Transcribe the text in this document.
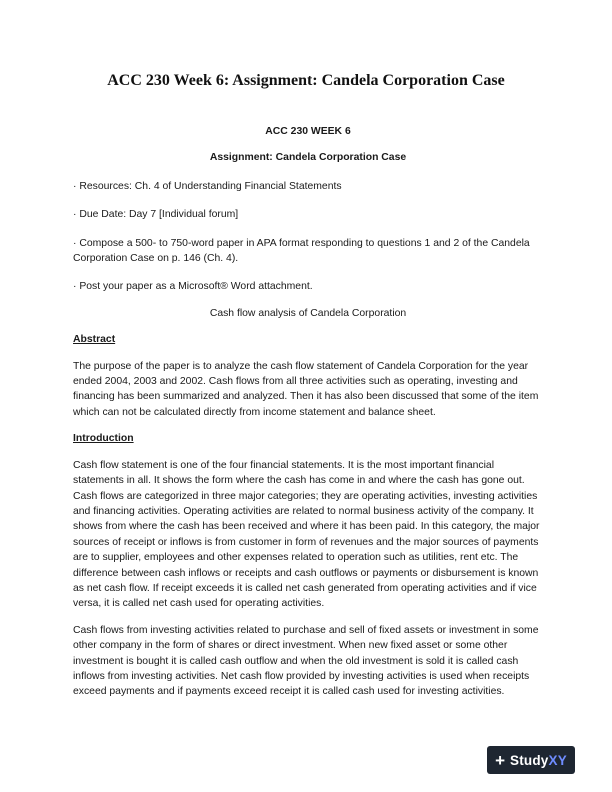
ACC 230 Week 6: Assignment: Candela Corporation Case

ACC 230 WEEK 6

Assignment: Candela Corporation Case

· Resources: Ch. 4 of Understanding Financial Statements

· Due Date: Day 7 [Individual forum]

· Compose a 500- to 750-word paper in APA format responding to questions 1 and 2 of the Candela Corporation Case on p. 146 (Ch. 4).

· Post your paper as a Microsoft® Word attachment.

Cash flow analysis of Candela Corporation

Abstract

The purpose of the paper is to analyze the cash flow statement of Candela Corporation for the year ended 2004, 2003 and 2002. Cash flows from all three activities such as operating, investing and financing has been summarized and analyzed. Then it has also been discussed that some of the item which can not be calculated directly from income statement and balance sheet.

Introduction

Cash flow statement is one of the four financial statements. It is the most important financial statements in all. It shows the form where the cash has come in and where the cash has gone out. Cash flows are categorized in three major categories; they are operating activities, investing activities and financing activities. Operating activities are related to normal business activity of the company. It shows from where the cash has been received and where it has been paid. In this category, the major sources of receipt or inflows is from customer in form of revenues and the major sources of payments are to supplier, employees and other expenses related to operation such as utilities, rent etc. The difference between cash inflows or receipts and cash outflows or payments or disbursement is known as net cash flow. If receipt exceeds it is called net cash generated from operating activities and if vice versa, it is called net cash used for operating activities.

Cash flows from investing activities related to purchase and sell of fixed assets or investment in some other company in the form of shares or direct investment. When new fixed asset or some other investment is bought it is called cash outflow and when the old investment is sold it is called cash inflows from investing activities. Net cash flow provided by investing activities is used when receipts exceed payments and if payments exceed receipt it is called cash used for investing activities.

+ StudyXY
